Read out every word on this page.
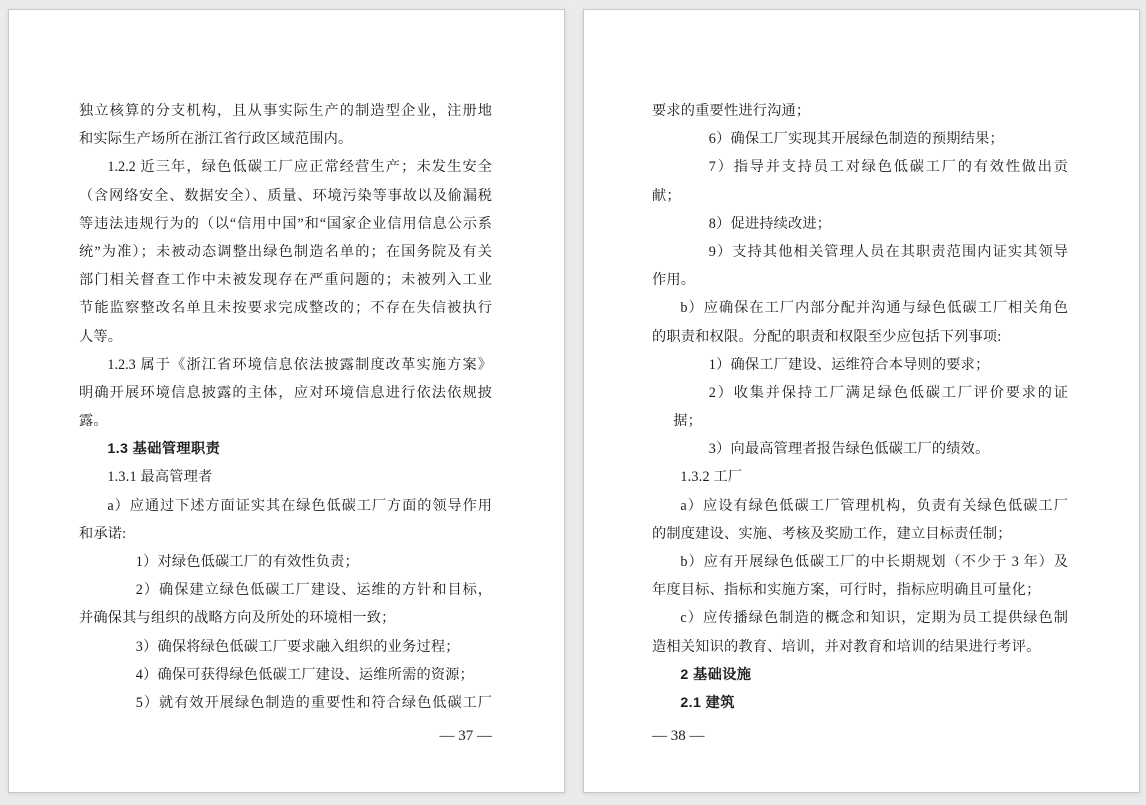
独立核算的分支机构，且从事实际生产的制造型企业，注册地
和实际生产场所在浙江省行政区域范围内。
1.2.2 近三年，绿色低碳工厂应正常经营生产；未发生安全
（含网络安全、数据安全）、质量、环境污染等事故以及偷漏税
等违法违规行为的（以“信用中国”和“国家企业信用信息公示系
统”为准）；未被动态调整出绿色制造名单的；在国务院及有关
部门相关督查工作中未被发现存在严重问题的；未被列入工业
节能监察整改名单且未按要求完成整改的；不存在失信被执行
人等。
1.2.3 属于《浙江省环境信息依法披露制度改革实施方案》
明确开展环境信息披露的主体，应对环境信息进行依法依规披
露。
1.3 基础管理职责
1.3.1 最高管理者
a）应通过下述方面证实其在绿色低碳工厂方面的领导作用
和承诺:
1）对绿色低碳工厂的有效性负责；
2）确保建立绿色低碳工厂建设、运维的方针和目标，
并确保其与组织的战略方向及所处的环境相一致；
3）确保将绿色低碳工厂要求融入组织的业务过程；
4）确保可获得绿色低碳工厂建设、运维所需的资源；
5）就有效开展绿色制造的重要性和符合绿色低碳工厂
— 37 —
要求的重要性进行沟通；
6）确保工厂实现其开展绿色制造的预期结果；
7）指导并支持员工对绿色低碳工厂的有效性做出贡
献；
8）促进持续改进；
9）支持其他相关管理人员在其职责范围内证实其领导
作用。
b）应确保在工厂内部分配并沟通与绿色低碳工厂相关角色
的职责和权限。分配的职责和权限至少应包括下列事项:
1）确保工厂建设、运维符合本导则的要求；
2）收集并保持工厂满足绿色低碳工厂评价要求的证
据；
3）向最高管理者报告绿色低碳工厂的绩效。
1.3.2 工厂
a）应设有绿色低碳工厂管理机构，负责有关绿色低碳工厂
的制度建设、实施、考核及奖励工作，建立目标责任制；
b）应有开展绿色低碳工厂的中长期规划（不少于 3 年）及
年度目标、指标和实施方案，可行时，指标应明确且可量化；
c）应传播绿色制造的概念和知识，定期为员工提供绿色制
造相关知识的教育、培训，并对教育和培训的结果进行考评。
2 基础设施
2.1 建筑
— 38 —
